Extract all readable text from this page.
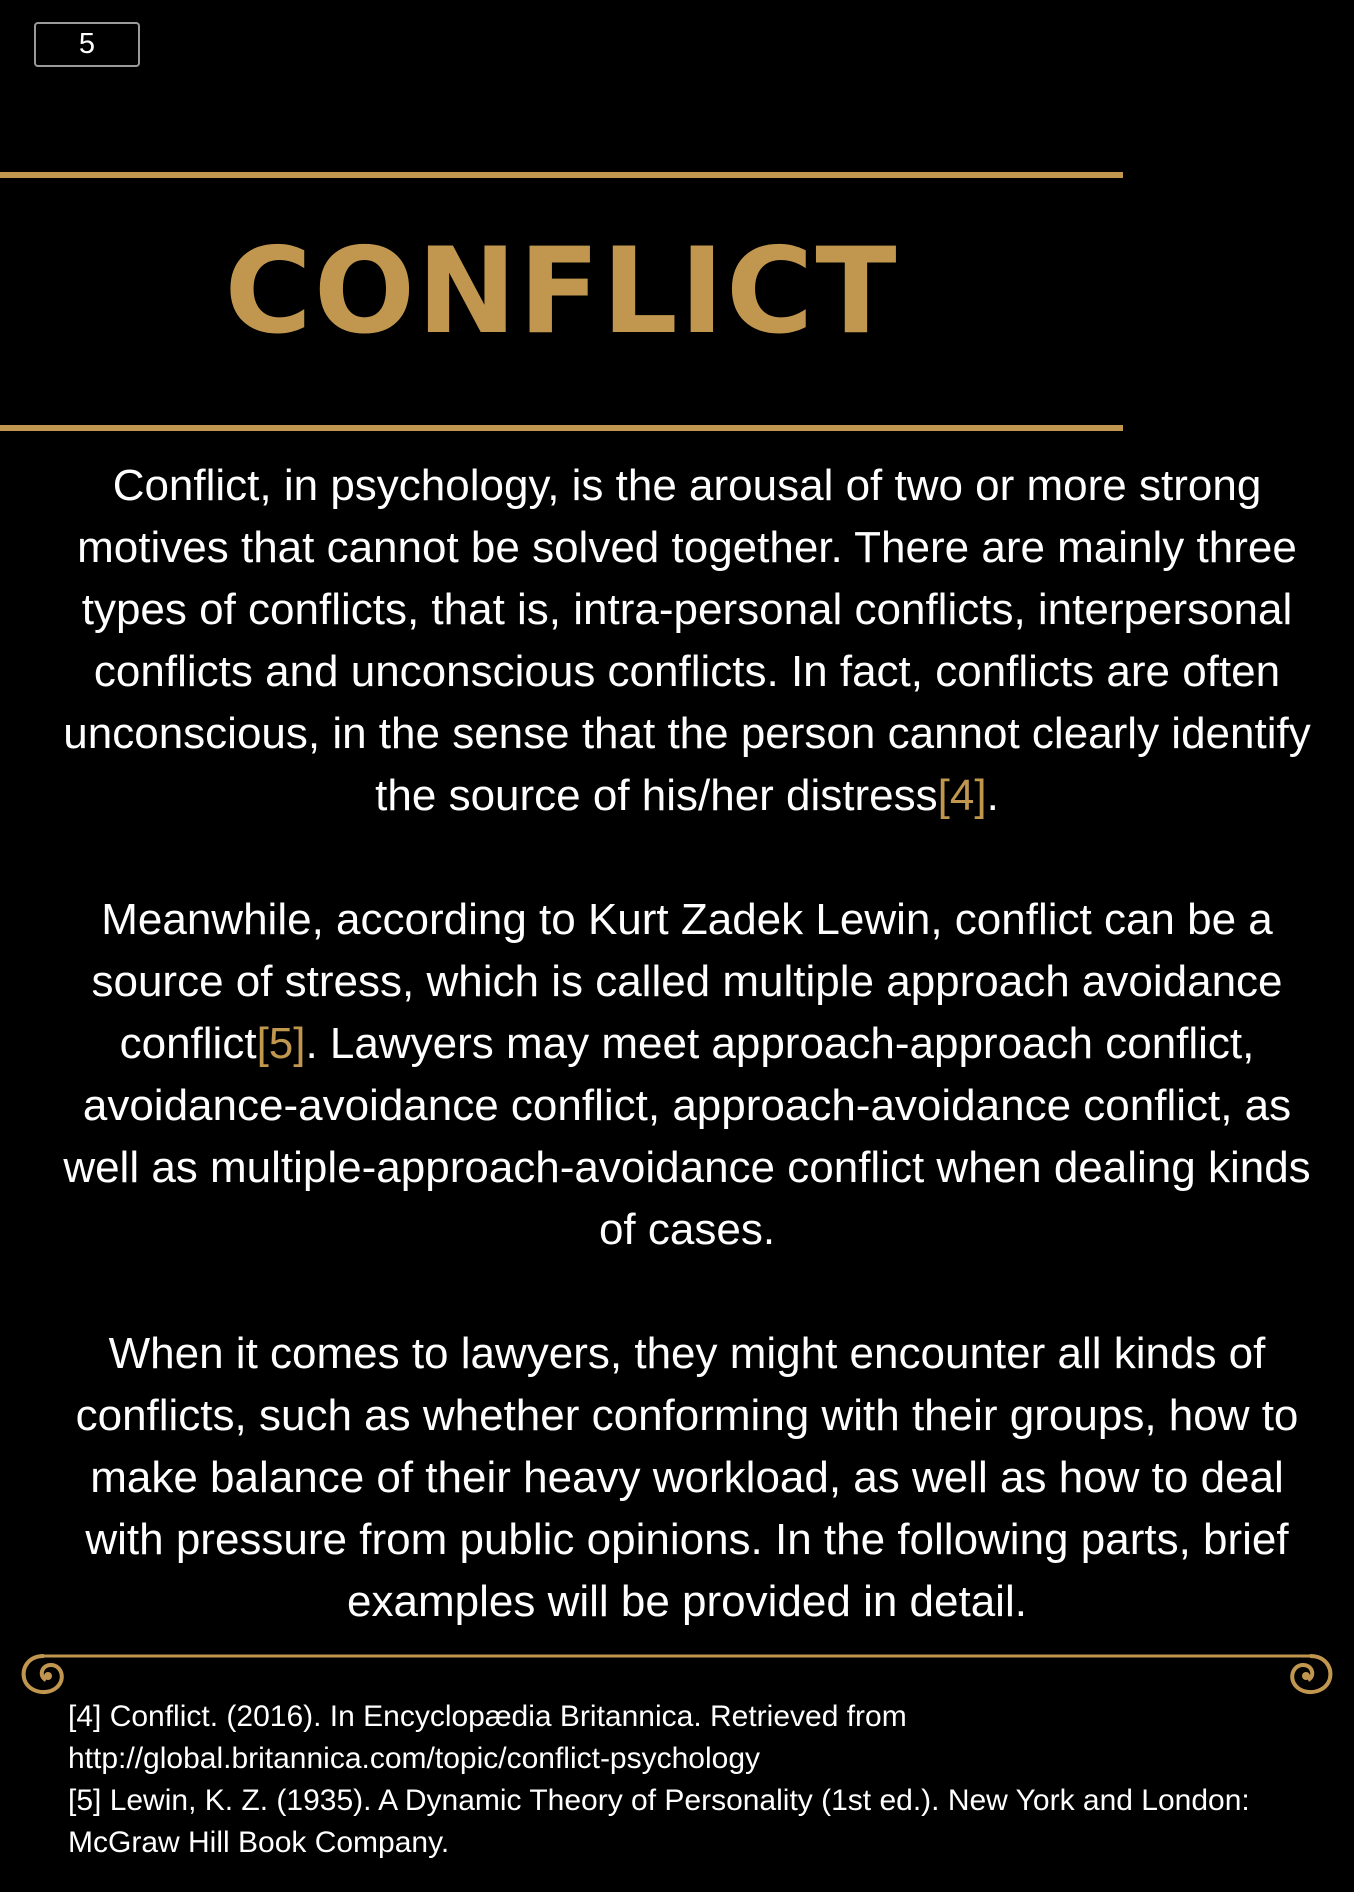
5
CONFLICT

Conflict, in psychology, is the arousal of two or more strong motives that cannot be solved together. There are mainly three types of conflicts, that is, intra-personal conflicts, interpersonal conflicts and unconscious conflicts. In fact, conflicts are often unconscious, in the sense that the person cannot clearly identify the source of his/her distress[4].

Meanwhile, according to Kurt Zadek Lewin, conflict can be a source of stress, which is called multiple approach avoidance conflict[5]. Lawyers may meet approach-approach conflict, avoidance-avoidance conflict, approach-avoidance conflict, as well as multiple-approach-avoidance conflict when dealing kinds of cases.

When it comes to lawyers, they might encounter all kinds of conflicts, such as whether conforming with their groups, how to make balance of their heavy workload, as well as how to deal with pressure from public opinions. In the following parts, brief examples will be provided in detail.

[4] Conflict. (2016). In Encyclopædia Britannica. Retrieved from http://global.britannica.com/topic/conflict-psychology

[5] Lewin, K. Z. (1935). A Dynamic Theory of Personality (1st ed.). New York and London: McGraw Hill Book Company.
